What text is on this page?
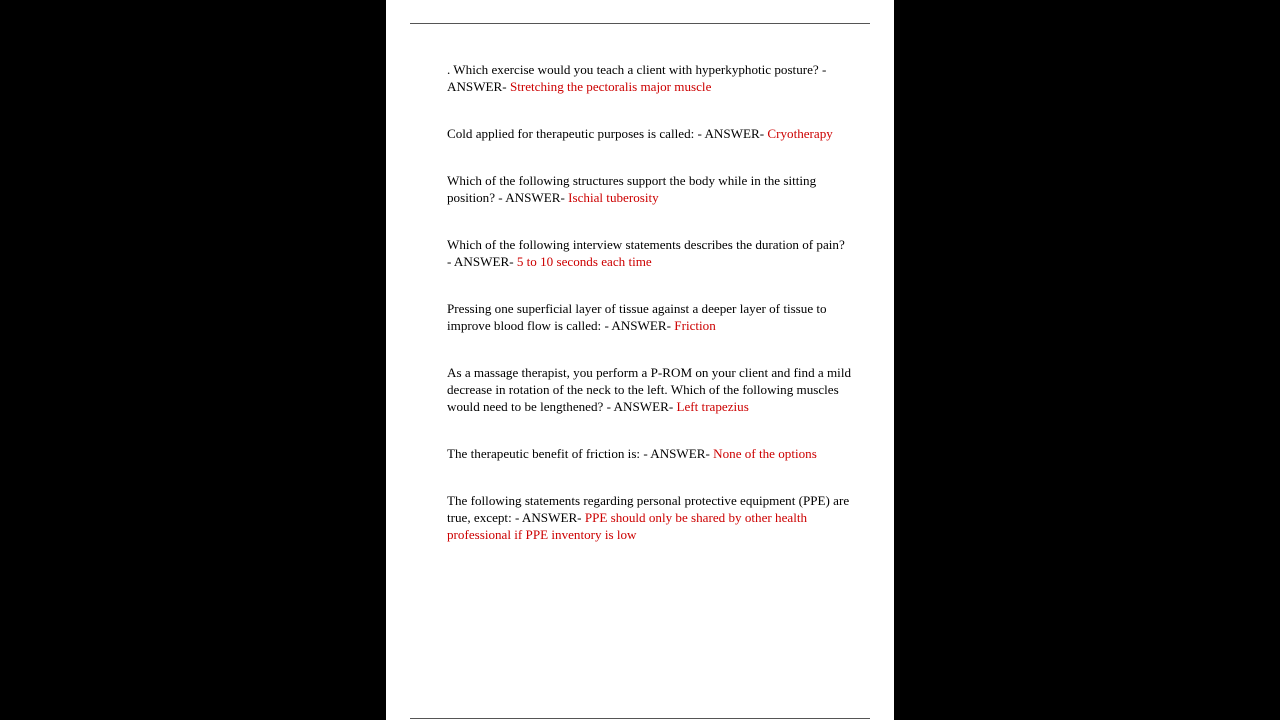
. Which exercise would you teach a client with hyperkyphotic posture? - ANSWER- Stretching the pectoralis major muscle

Cold applied for therapeutic purposes is called: - ANSWER- Cryotherapy

Which of the following structures support the body while in the sitting position? - ANSWER- Ischial tuberosity

Which of the following interview statements describes the duration of pain? - ANSWER- 5 to 10 seconds each time

Pressing one superficial layer of tissue against a deeper layer of tissue to improve blood flow is called: - ANSWER- Friction

As a massage therapist, you perform a P-ROM on your client and find a mild decrease in rotation of the neck to the left. Which of the following muscles would need to be lengthened? - ANSWER- Left trapezius

The therapeutic benefit of friction is: - ANSWER- None of the options

The following statements regarding personal protective equipment (PPE) are true, except: - ANSWER- PPE should only be shared by other health professional if PPE inventory is low
